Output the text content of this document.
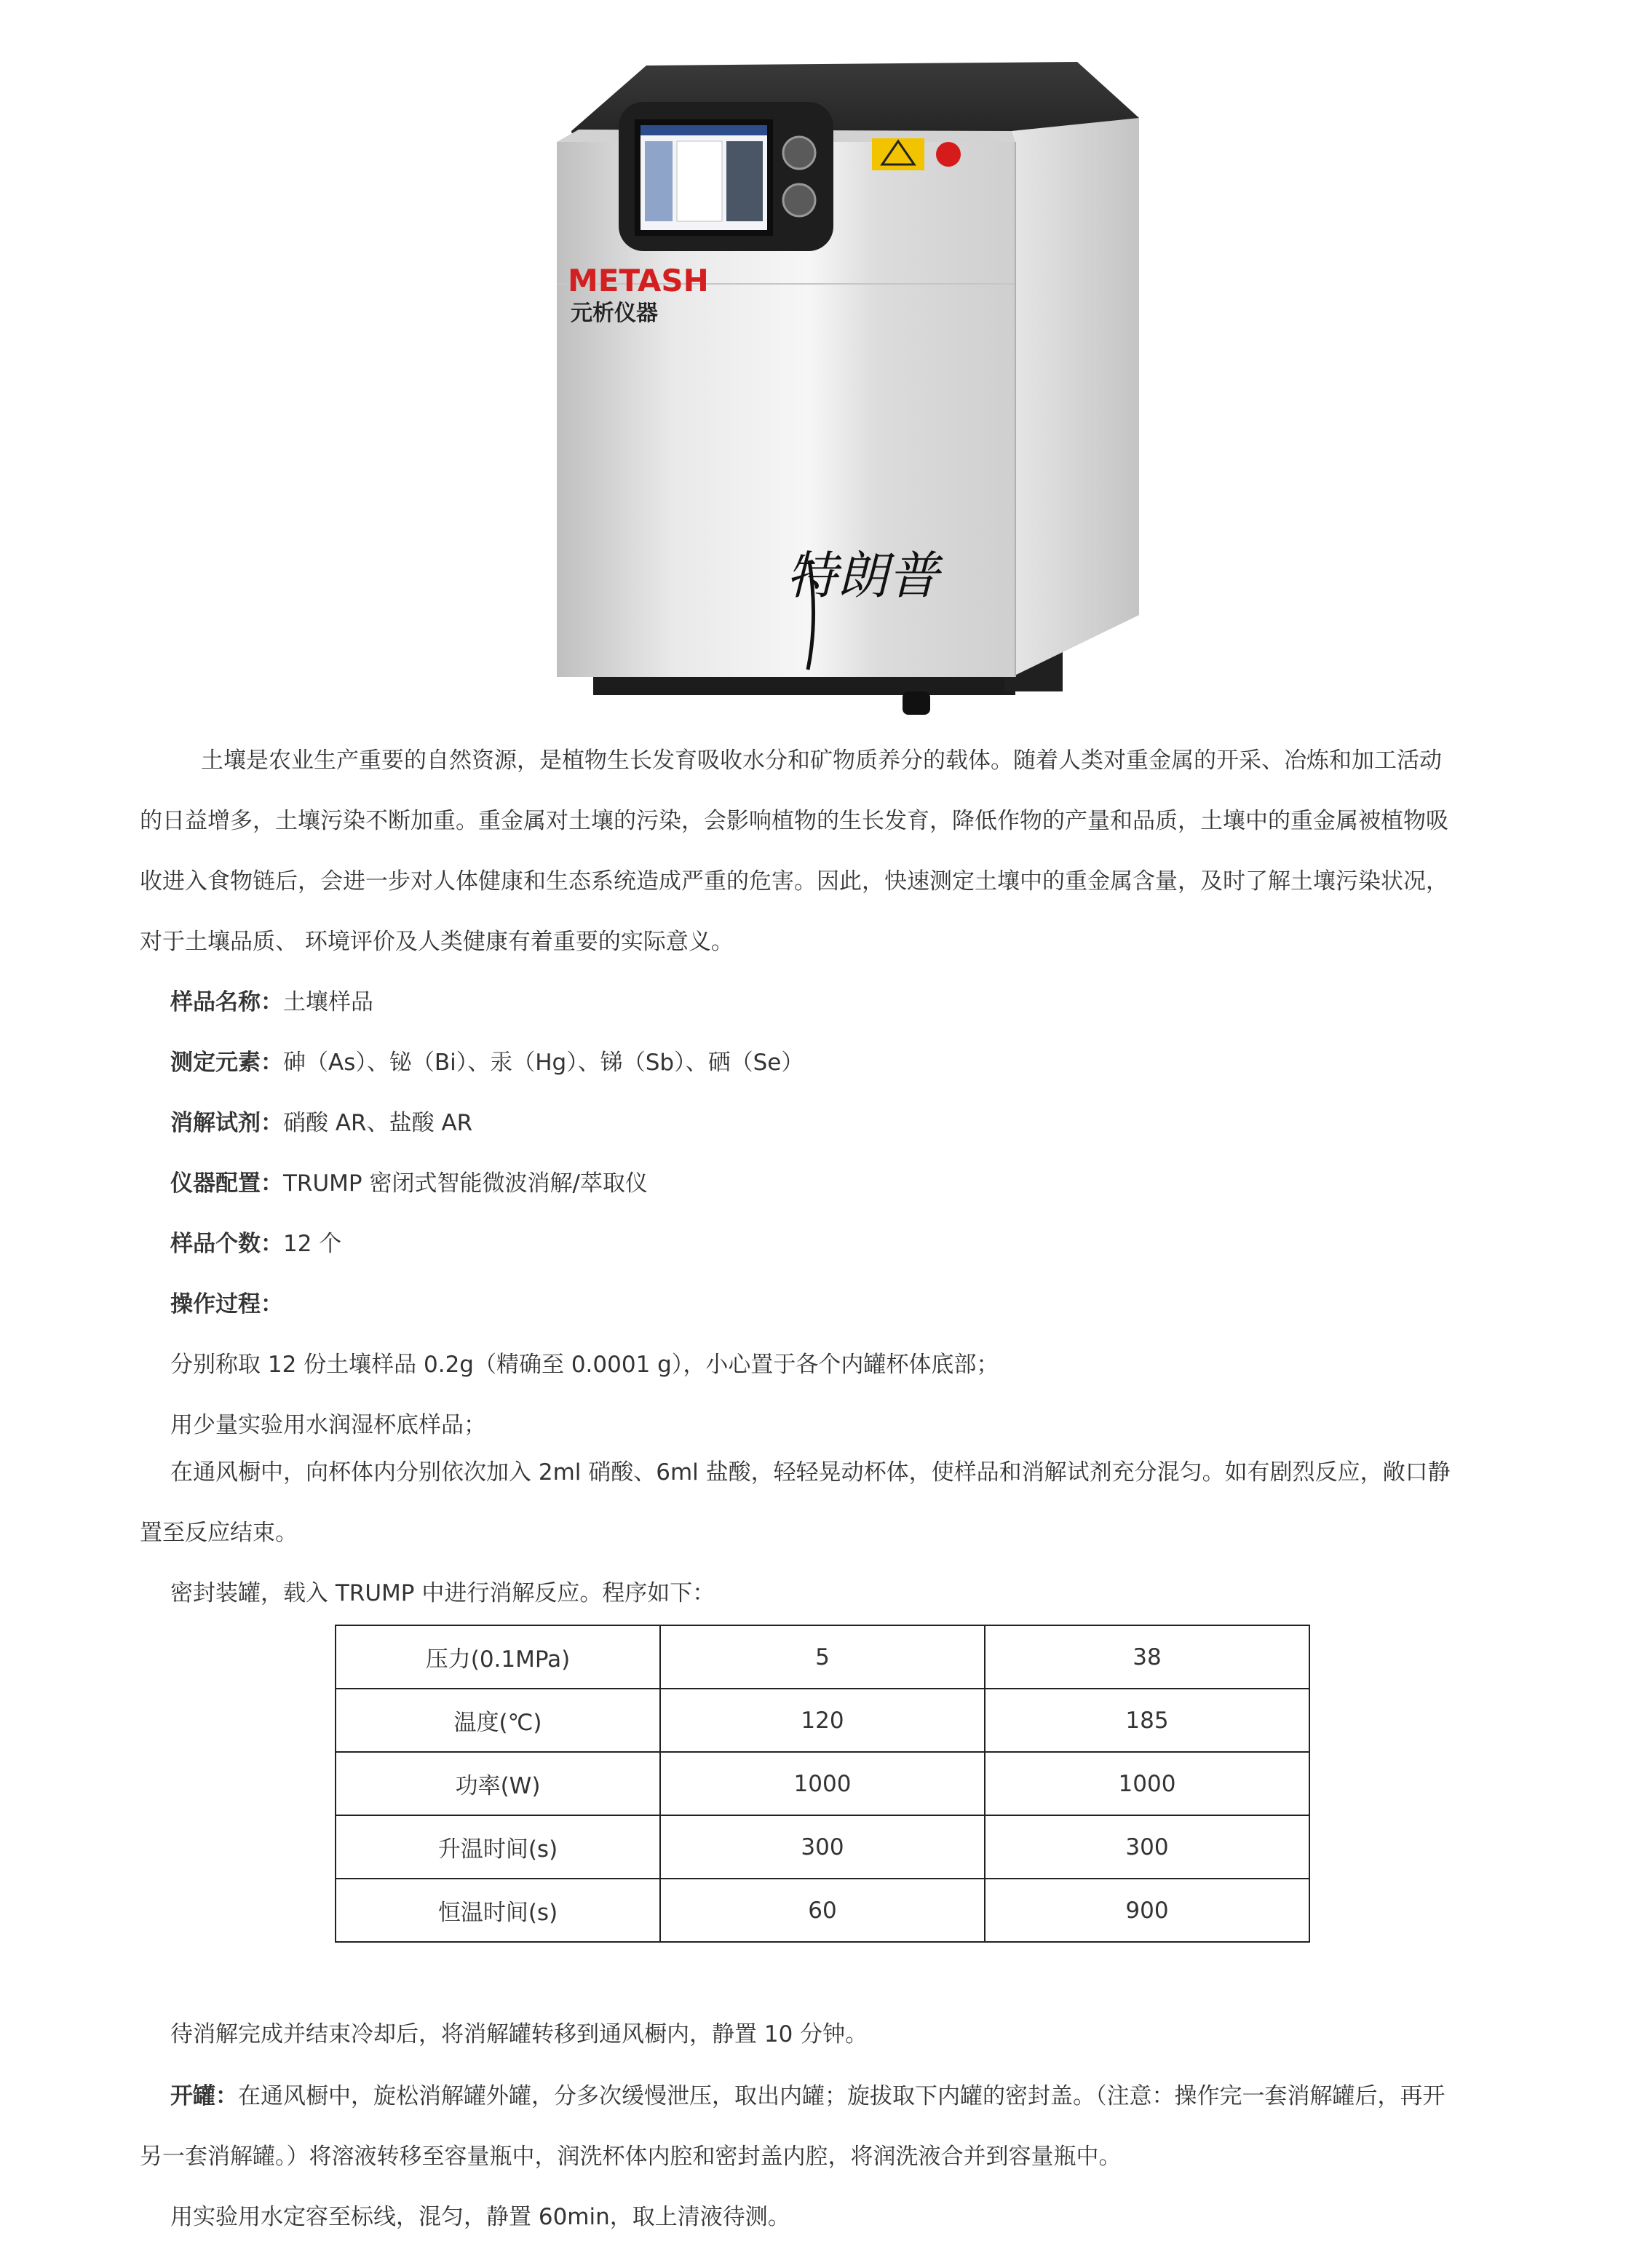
METASH
元析仪器
特朗普

土壤是农业生产重要的自然资源，是植物生长发育吸收水分和矿物质养分的载体。随着人类对重金属的开采、冶炼和加工活动

的日益增多，土壤污染不断加重。重金属对土壤的污染，会影响植物的生长发育，降低作物的产量和品质，土壤中的重金属被植物吸

收进入食物链后，会进一步对人体健康和生态系统造成严重的危害。因此，快速测定土壤中的重金属含量，及时了解土壤污染状况，

对于土壤品质、 环境评价及人类健康有着重要的实际意义。

样品名称：土壤样品
测定元素：砷（As）、铋（Bi）、汞（Hg）、锑（Sb）、硒（Se）
消解试剂：硝酸 AR、盐酸 AR
仪器配置：TRUMP 密闭式智能微波消解/萃取仪
样品个数：12 个
操作过程：
分别称取 12 份土壤样品 0.2g（精确至 0.0001 g），小心置于各个内罐杯体底部；
用少量实验用水润湿杯底样品；
在通风橱中，向杯体内分别依次加入 2ml 硝酸、6ml 盐酸，轻轻晃动杯体，使样品和消解试剂充分混匀。如有剧烈反应，敞口静
置至反应结束。
密封装罐，载入 TRUMP 中进行消解反应。程序如下：
压力(0.1MPa)	5	38
温度(℃)	120	185
功率(W)	1000	1000
升温时间(s)	300	300
恒温时间(s)	60	900
待消解完成并结束冷却后，将消解罐转移到通风橱内，静置 10 分钟。
开罐：在通风橱中，旋松消解罐外罐，分多次缓慢泄压，取出内罐；旋拔取下内罐的密封盖。（注意：操作完一套消解罐后，再开
另一套消解罐。）将溶液转移至容量瓶中，润洗杯体内腔和密封盖内腔，将润洗液合并到容量瓶中。
用实验用水定容至标线，混匀，静置 60min，取上清液待测。
